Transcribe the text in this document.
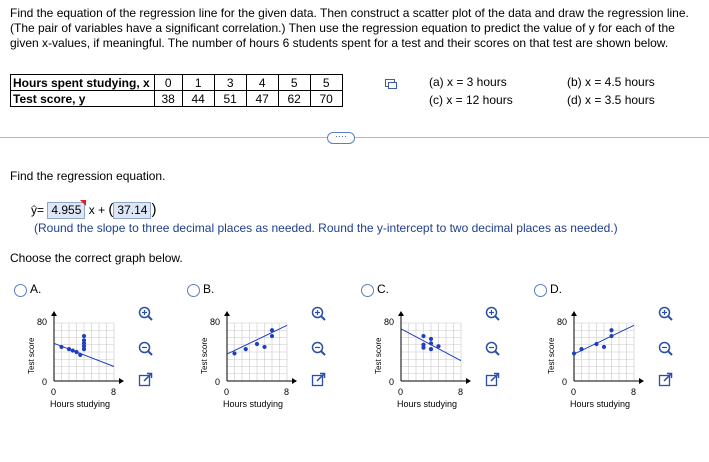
Find the equation of the regression line for the given data. Then construct a scatter plot of the data and draw the regression line. (The pair of variables have a significant correlation.) Then use the regression equation to predict the value of y for each of the given x-values, if meaningful. The number of hours 6 students spent for a test and their scores on that test are shown below.
Hours spent studying, x	0	1	3	4	5	5
Test score, y	38	44	51	47	62	70
(a) x = 3 hours
(c) x = 12 hours
(b) x = 4.5 hours
(d) x = 3.5 hours
····
Find the regression equation.
ŷ= 4.955 x + ( 37.14 )
(Round the slope to three decimal places as needed. Round the y-intercept to two decimal places as needed.)
Choose the correct graph below.
A.
Test score
80
0
0	8
Hours studying
B.
Test score
80
0
0	8
Hours studying
C.
Test score
80
0
0	8
Hours studying
D.
Test score
80
0
0	8
Hours studying
